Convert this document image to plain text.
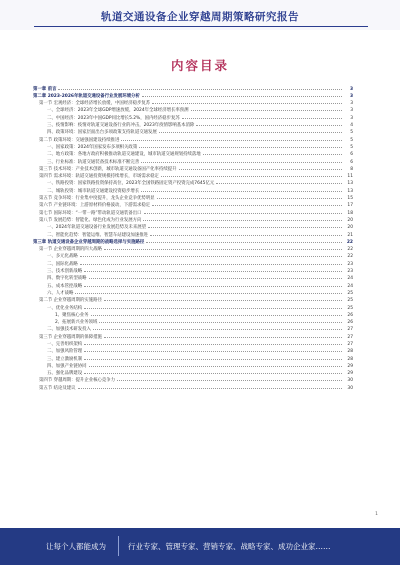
轨道交通设备企业穿越周期策略研究报告
内容目录
第一章 前言	3
第二章 2023-2026年轨道交通设备行业发展环境分析	3
第一节 宏观经济：全球经济增长放缓，中国经济稳步复苏	3
一、全球经济：2023年全球GDP增速放缓，2024年全球经济增长率预测	3
二、中国经济：2023年中国GDP同比增长5.2%，国内经济稳步复苏	3
三、疫情影响：疫情对轨道交通设备行业的冲击，2023年疫情影响基本消除	4
四、政策环境：国家层面出台多项政策支持轨道交通发展	5
第二节 政策环境：交通强国建设持续推进	5
一、国家政策：2024年国家发布多项相关政策	5
二、地方政策：各地方政府积极推动轨道交通建设，城市轨道交通规划持续落地	6
三、行业标准：轨道交通装备技术标准不断完善	6
第三节 技术环境：产业技术创新，城市轨道交通设备国产化率持续提升	8
第四节 需求环境：轨道交通投资规模持续增长，市场需求稳定	11
一、铁路投资：国家铁路投资保持高位，2023年全国铁路固定资产投资完成7645亿元	13
二、城轨投资：城市轨道交通建设投资稳步增长	13
第五节 竞争环境：行业集中度提升，龙头企业竞争优势明显	15
第六节 产业链环境：上游原材料价格波动，下游需求稳定	17
第七节 国际环境：“一带一路”带动轨道交通装备出口	18
第八节 发展趋势：智能化、绿色化成为行业发展方向	20
一、2024年轨道交通设备行业发展趋势及未来展望	20
二、智能化趋势：智能运维、智慧车站建设加速推进	21
第三章 轨道交通设备企业穿越周期的战略选择与实施路径	22
第一节 企业穿越周期的四大战略	22
一、多元化战略	22
二、国际化战略	23
三、技术创新战略	23
四、数字化转型战略	24
五、成本管控战略	24
六、人才战略	25
第二节 企业穿越周期的实施路径	25
一、优化业务结构	25
1、聚焦核心业务	26
2、拓展新兴业务领域	26
二、加强技术研发投入	27
第三节 企业穿越周期的保障措施	27
一、完善组织架构	27
二、加强风险管理	28
三、建立激励机制	28
四、加强产业链协同	29
五、强化品牌建设	29
第四节 穿越周期：提升企业核心竞争力	30
第五节 结论及建议	30
1
让每个人都能成为	行业专家、管理专家、营销专家、战略专家、成功企业家……
